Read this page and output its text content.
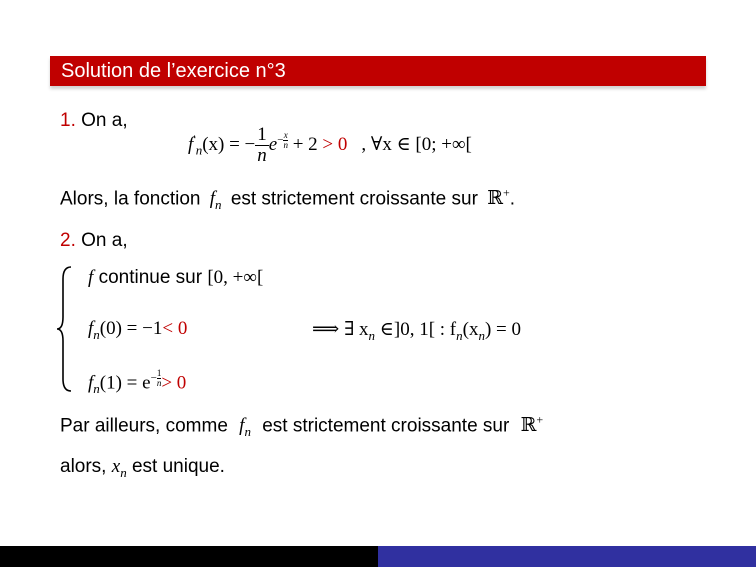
Solution de l’exercice n°3
1. On a,
$f'_n(x)$ = − $\frac{1}{n} e^{- \frac{x}{n}} + 2 > 0$ , ∀x ∈ [0; +∞[
Alors, la fonction $f_n$ est strictement croissante sur ℝ+.
2. On a,
f continue sur [0, +∞[
$f_n(0) = -1< 0$	⟹ ∃ $x_n$ ∈]0, 1[ : $f_n(x_n) = 0$
$f_n(1) = e^{- \frac{1}{n}} > 0$
Par ailleurs, comme $f_n$ est strictement croissante sur ℝ+
alors, $x_n$ est unique.
